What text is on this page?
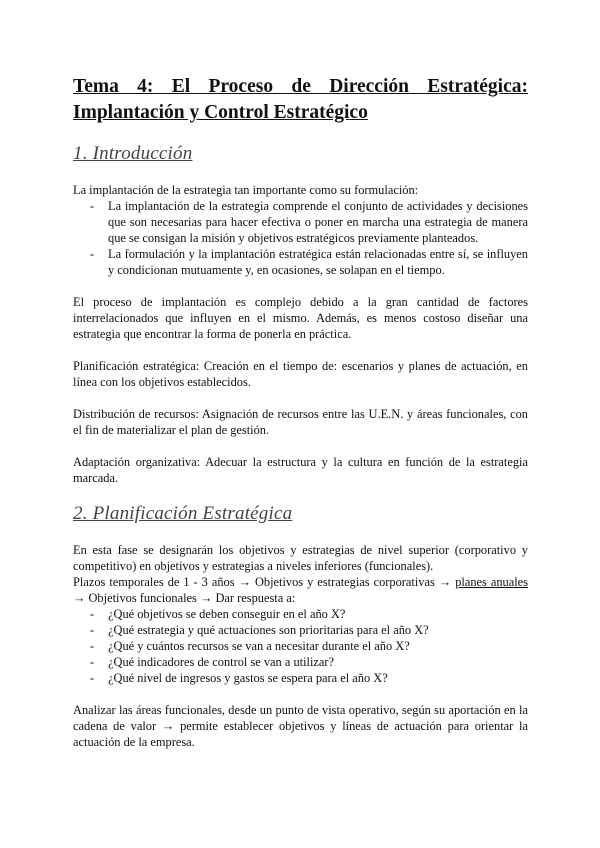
Tema 4: El Proceso de Dirección Estratégica:
Implantación y Control Estratégico
1. Introducción
La implantación de la estrategia tan importante como su formulación:
- La implantación de la estrategia comprende el conjunto de actividades y decisiones que son necesarias para hacer efectiva o poner en marcha una estrategia de manera que se consigan la misión y objetivos estratégicos previamente planteados.
- La formulación y la implantación estratégica están relacionadas entre sí, se influyen y condicionan mutuamente y, en ocasiones, se solapan en el tiempo.
El proceso de implantación es complejo debido a la gran cantidad de factores interrelacionados que influyen en el mismo. Además, es menos costoso diseñar una estrategia que encontrar la forma de ponerla en práctica.
Planificación estratégica: Creación en el tiempo de: escenarios y planes de actuación, en línea con los objetivos establecidos.
Distribución de recursos: Asignación de recursos entre las U.E.N. y áreas funcionales, con el fin de materializar el plan de gestión.
Adaptación organizativa: Adecuar la estructura y la cultura en función de la estrategia marcada.
2. Planificación Estratégica
En esta fase se designarán los objetivos y estrategias de nivel superior (corporativo y competitivo) en objetivos y estrategias a niveles inferiores (funcionales).
Plazos temporales de 1 - 3 años → Objetivos y estrategias corporativas → planes anuales → Objetivos funcionales → Dar respuesta a:
- ¿Qué objetivos se deben conseguir en el año X?
- ¿Qué estrategia y qué actuaciones son prioritarias para el año X?
- ¿Qué y cuántos recursos se van a necesitar durante el año X?
- ¿Qué indicadores de control se van a utilizar?
- ¿Qué nivel de ingresos y gastos se espera para el año X?
Analizar las áreas funcionales, desde un punto de vista operativo, según su aportación en la cadena de valor → permite establecer objetivos y líneas de actuación para orientar la actuación de la empresa.
